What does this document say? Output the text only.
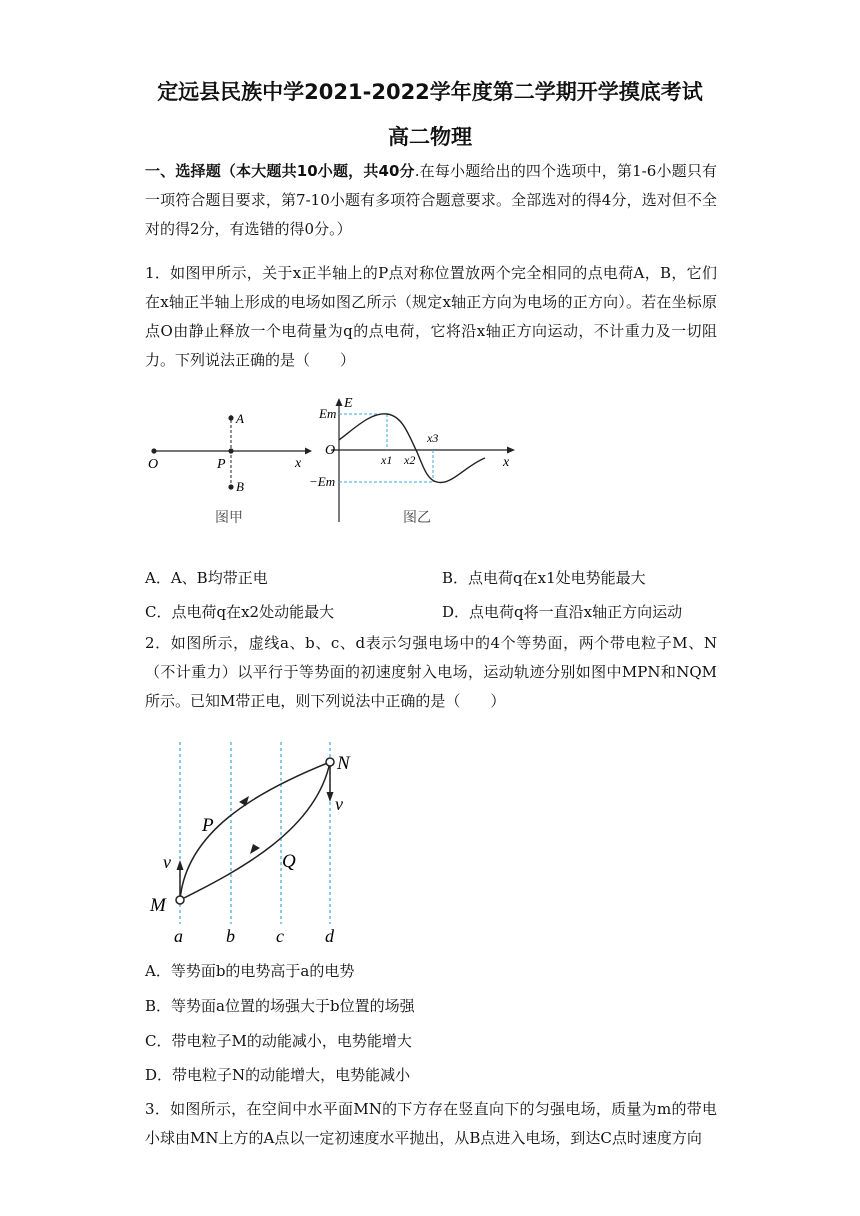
定远县民族中学2021-2022学年度第二学期开学摸底考试
高二物理

一、选择题（本大题共10小题，共40分.在每小题给出的四个选项中，第1-6小题只有一项符合题目要求，第7-10小题有多项符合题意要求。全部选对的得4分，选对但不全对的得2分，有选错的得0分。）

1．如图甲所示，关于x正半轴上的P点对称位置放两个完全相同的点电荷A，B，它们在x轴正半轴上形成的电场如图乙所示（规定x轴正方向为电场的正方向）。若在坐标原点O由静止释放一个电荷量为q的点电荷，它将沿x轴正方向运动，不计重力及一切阻力。下列说法正确的是（　　）

O	P	x
A
B
图甲
E
Em
O
−Em
x1 x2
x3
x
图乙
A．A、B均带正电	B．点电荷q在x1处电势能最大
C．点电荷q在x2处动能最大	D．点电荷q将一直沿x轴正方向运动

2．如图所示，虚线a、b、c、d表示匀强电场中的4个等势面，两个带电粒子M、N（不计重力）以平行于等势面的初速度射入电场，运动轨迹分别如图中MPN和NQM所示。已知M带正电，则下列说法中正确的是（　　）

M
N
P
Q
v
v
a b c d
A．等势面b的电势高于a的电势
B．等势面a位置的场强大于b位置的场强
C．带电粒子M的动能减小，电势能增大
D．带电粒子N的动能增大，电势能减小

3．如图所示，在空间中水平面MN的下方存在竖直向下的匀强电场，质量为m的带电小球由MN上方的A点以一定初速度水平抛出，从B点进入电场，到达C点时速度方向
